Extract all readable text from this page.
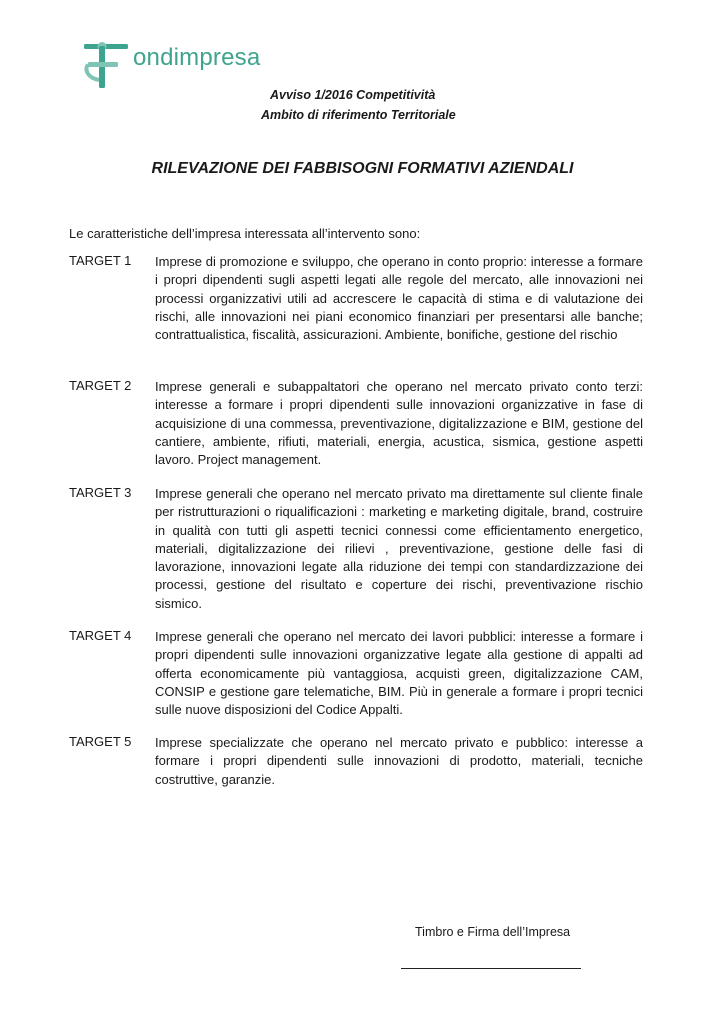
ondimpresa
Avviso 1/2016 Competitività
Ambito di riferimento Territoriale
RILEVAZIONE DEI FABBISOGNI FORMATIVI AZIENDALI
Le caratteristiche dell’impresa interessata all’intervento sono:
TARGET 1 Imprese di promozione e sviluppo, che operano in conto proprio: interesse a formare i propri dipendenti sugli aspetti legati alle regole del mercato, alle innovazioni nei processi organizzativi utili ad accrescere le capacità di stima e di valutazione dei rischi, alle innovazioni nei piani economico finanziari per presentarsi alle banche; contrattualistica, fiscalità, assicurazioni. Ambiente, bonifiche, gestione del rischio
TARGET 2 Imprese generali e subappaltatori che operano nel mercato privato conto terzi: interesse a formare i propri dipendenti sulle innovazioni organizzative in fase di acquisizione di una commessa, preventivazione, digitalizzazione e BIM, gestione del cantiere, ambiente, rifiuti, materiali, energia, acustica, sismica, gestione aspetti lavoro. Project management.
TARGET 3 Imprese generali che operano nel mercato privato ma direttamente sul cliente finale per ristrutturazioni o riqualificazioni : marketing e marketing digitale, brand, costruire in qualità con tutti gli aspetti tecnici connessi come efficientamento energetico, materiali, digitalizzazione dei rilievi , preventivazione, gestione delle fasi di lavorazione, innovazioni legate alla riduzione dei tempi con standardizzazione dei processi, gestione del risultato e coperture dei rischi, preventivazione rischio sismico.
TARGET 4 Imprese generali che operano nel mercato dei lavori pubblici: interesse a formare i propri dipendenti sulle innovazioni organizzative legate alla gestione di appalti ad offerta economicamente più vantaggiosa, acquisti green, digitalizzazione CAM, CONSIP e gestione gare telematiche, BIM. Più in generale a formare i propri tecnici sulle nuove disposizioni del Codice Appalti.
TARGET 5 Imprese specializzate che operano nel mercato privato e pubblico: interesse a formare i propri dipendenti sulle innovazioni di prodotto, materiali, tecniche costruttive, garanzie.
Timbro e Firma dell’Impresa
